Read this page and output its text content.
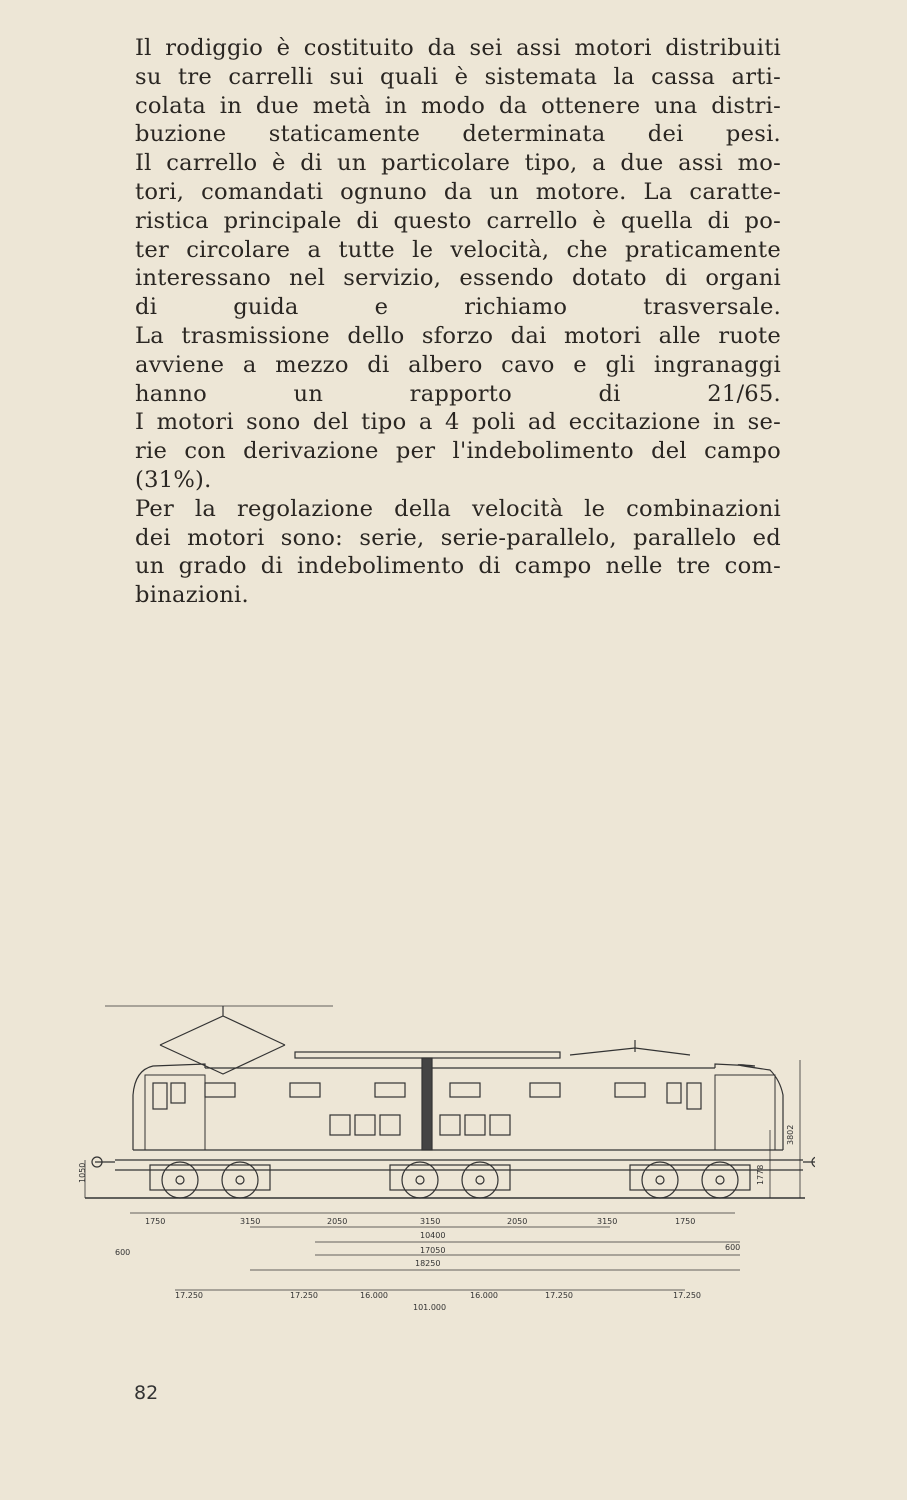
Il rodiggio è costituito da sei assi motori distribuiti
su tre carrelli sui quali è sistemata la cassa arti-
colata in due metà in modo da ottenere una distri-
buzione staticamente determinata dei pesi.

Il carrello è di un particolare tipo, a due assi mo-
tori, comandati ognuno da un motore. La caratte-
ristica principale di questo carrello è quella di po-
ter circolare a tutte le velocità, che praticamente
interessano nel servizio, essendo dotato di organi
di guida e richiamo trasversale.

La trasmissione dello sforzo dai motori alle ruote
avviene a mezzo di albero cavo e gli ingranaggi
hanno un rapporto di 21/65.

I motori sono del tipo a 4 poli ad eccitazione in se-
rie con derivazione per l'indebolimento del campo
(31%).

Per la regolazione della velocità le combinazioni
dei motori sono: serie, serie-parallelo, parallelo ed
un grado di indebolimento di campo nelle tre com-
binazioni.

1050	1778
3802
1750	3150	2050	3150	2050	3150	1750
10400
17050
18250
600
600
17.250	17.250	16.000	16.000	17.250	17.250
101.000
82
